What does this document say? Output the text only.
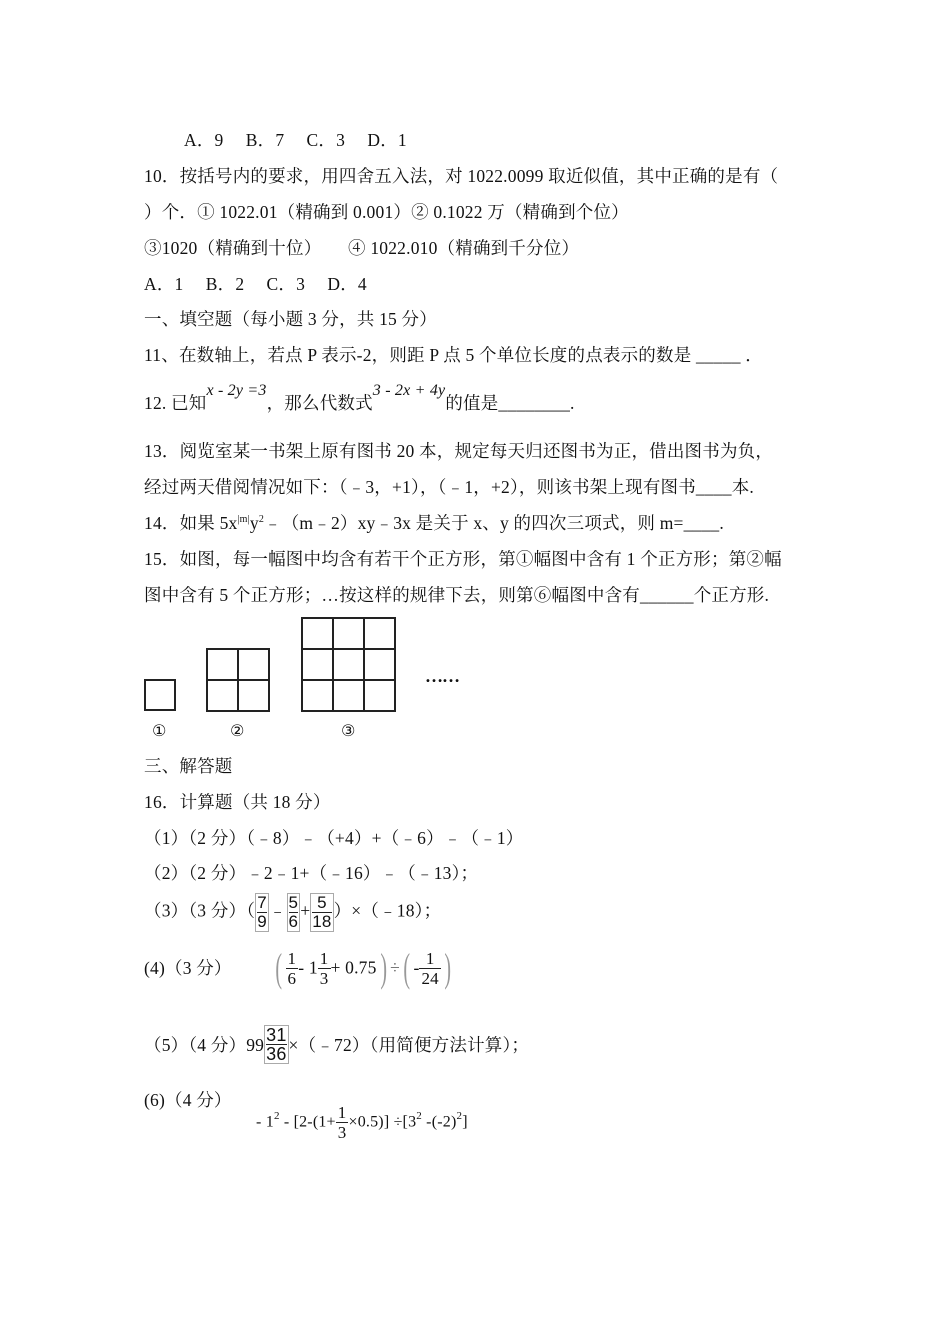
A．9 　B．7 　C．3 　D．1
10．按括号内的要求，用四舍五入法，对 1022.0099 取近似值，其中正确的是有（
）个．① 1022.01（精确到 0.001）② 0.1022 万（精确到个位）
③1020（精确到十位）　　④ 1022.010（精确到千分位）
A．1 　B．2 　C．3 　D．4
一、填空题（每小题 3 分，共 15 分）
11、在数轴上，若点 P 表示-2，则距 P 点 5 个单位长度的点表示的数是 _____ ．
12. 已知x - 2y =3，那么代数式3 - 2x + 4y的值是________.
13．阅览室某一书架上原有图书 20 本，规定每天归还图书为正，借出图书为负，
经过两天借阅情况如下：（﹣3，+1），（﹣1，+2），则该书架上现有图书____本.
14．如果 $5x^{|m|}y^2﹣(m﹣2)xy﹣3x$ 是关于 x、y 的四次三项式，则 m=____.
15．如图，每一幅图中均含有若干个正方形，第①幅图中含有 1 个正方形；第②幅
图中含有 5 个正方形；…按这样的规律下去，则第⑥幅图中含有______个正方形.
……
①	②	③
三、解答题
16．计算题（共 18 分）
（1）（2 分）（﹣8）﹣（+4）+（﹣6）﹣（﹣1）
（2）（2 分）﹣2﹣1+（﹣16）﹣（﹣13）；
（3）（3 分）（ $\frac{7}{9}$ ﹣ $\frac{5}{6} + \frac{5}{18}$ ）×（﹣18）；
(4)（3 分） ( $\frac{1}{6} - 1 \frac{1}{3} + 0.75$) ÷( - $\frac{1}{24}$ )
（5）（4 分）$99 \frac{31}{36}$ ×（﹣72）（用简便方法计算）；
(6)（4 分）
- $1^2 - [2-(1+ \frac{1}{3} \times 0.5)] \div[3^2$ $-(-2)^2$]
